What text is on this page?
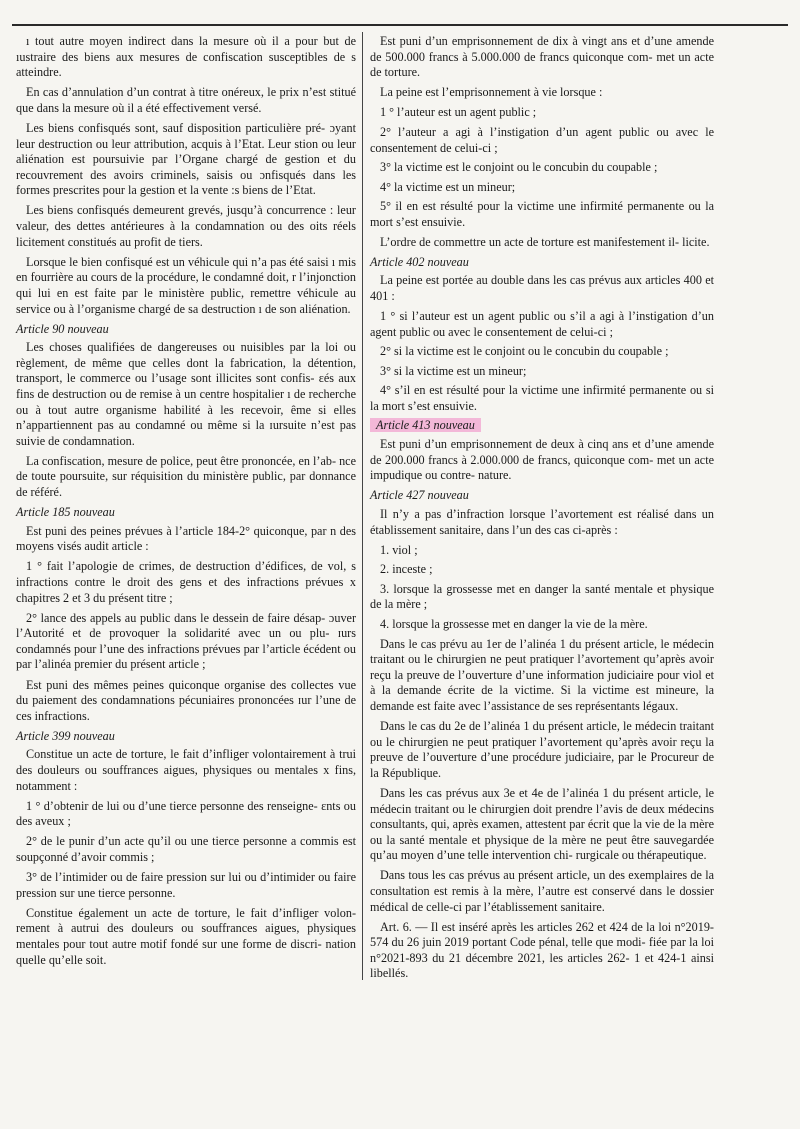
ı tout autre moyen indirect dans la mesure où il a pour but de ıustraire des biens aux mesures de confiscation susceptibles de s atteindre.

En cas d’annulation d’un contrat à titre onéreux, le prix n’est stitué que dans la mesure où il a été effectivement versé.

Les biens confisqués sont, sauf disposition particulière pré- ɔyant leur destruction ou leur attribution, acquis à l’Etat. Leur stion ou leur aliénation est poursuivie par l’Organe chargé de gestion et du recouvrement des avoirs criminels, saisis ou ɔnfisqués dans les formes prescrites pour la gestion et la vente :s biens de l’Etat.

Les biens confisqués demeurent grevés, jusqu’à concurrence : leur valeur, des dettes antérieures à la condamnation ou des oits réels licitement constitués au profit de tiers.

Lorsque le bien confisqué est un véhicule qui n’a pas été saisi ı mis en fourrière au cours de la procédure, le condamné doit, r l’injonction qui lui en est faite par le ministère public, remettre véhicule au service ou à l’organisme chargé de sa destruction ı de son aliénation.

Article 90 nouveau

Les choses qualifiées de dangereuses ou nuisibles par la loi ou règlement, de même que celles dont la fabrication, la détention, transport, le commerce ou l’usage sont illicites sont confis- ɛés aux fins de destruction ou de remise à un centre hospitalier ı de recherche ou à tout autre organisme habilité à les recevoir, ême si elles n’appartiennent pas au condamné ou même si la ɪursuite n’est pas suivie de condamnation.

La confiscation, mesure de police, peut être prononcée, en l’ab- nce de toute poursuite, sur réquisition du ministère public, par donnance de référé.

Article 185 nouveau

Est puni des peines prévues à l’article 184-2° quiconque, par n des moyens visés audit article :

1 ° fait l’apologie de crimes, de destruction d’édifices, de vol, s infractions contre le droit des gens et des infractions prévues x chapitres 2 et 3 du présent titre ;

2° lance des appels au public dans le dessein de faire désap- ɔuver l’Autorité et de provoquer la solidarité avec un ou plu- ɪurs condamnés pour l’une des infractions prévues par l’article écédent ou par l’alinéa premier du présent article ;

Est puni des mêmes peines quiconque organise des collectes vue du paiement des condamnations pécuniaires prononcées ɪur l’une de ces infractions.

Article 399 nouveau

Constitue un acte de torture, le fait d’infliger volontairement à trui des douleurs ou souffrances aigues, physiques ou mentales x fins, notamment :

1 ° d’obtenir de lui ou d’une tierce personne des renseigne- ɛnts ou des aveux ;

2° de le punir d’un acte qu’il ou une tierce personne a commis est soupçonné d’avoir commis ;

3° de l’intimider ou de faire pression sur lui ou d’intimider ou faire pression sur une tierce personne.

Constitue également un acte de torture, le fait d’infliger volon- rement à autrui des douleurs ou souffrances aigues, physiques mentales pour tout autre motif fondé sur une forme de discri- nation quelle qu’elle soit.

Est puni d’un emprisonnement de dix à vingt ans et d’une amende de 500.000 francs à 5.000.000 de francs quiconque com- met un acte de torture.

La peine est l’emprisonnement à vie lorsque :

1 ° l’auteur est un agent public ;

2° l’auteur a agi à l’instigation d’un agent public ou avec le consentement de celui-ci ;

3° la victime est le conjoint ou le concubin du coupable ;

4° la victime est un mineur;

5° il en est résulté pour la victime une infirmité permanente ou la mort s’est ensuivie.

L’ordre de commettre un acte de torture est manifestement il- licite.

Article 402 nouveau

La peine est portée au double dans les cas prévus aux articles 400 et 401 :

1 ° si l’auteur est un agent public ou s’il a agi à l’instigation d’un agent public ou avec le consentement de celui-ci ;

2° si la victime est le conjoint ou le concubin du coupable ;

3° si la victime est un mineur;

4° s’il en est résulté pour la victime une infirmité permanente ou si la mort s’est ensuivie.

Article 413 nouveau

Est puni d’un emprisonnement de deux à cinq ans et d’une amende de 200.000 francs à 2.000.000 de francs, quiconque com- met un acte impudique ou contre- nature.

Article 427 nouveau

Il n’y a pas d’infraction lorsque l’avortement est réalisé dans un établissement sanitaire, dans l’un des cas ci-après :

1. viol ;

2. inceste ;

3. lorsque la grossesse met en danger la santé mentale et physique de la mère ;

4. lorsque la grossesse met en danger la vie de la mère.

Dans le cas prévu au 1er de l’alinéa 1 du présent article, le médecin traitant ou le chirurgien ne peut pratiquer l’avortement qu’après avoir reçu la preuve de l’ouverture d’une information judiciaire pour viol et à la demande écrite de la victime. Si la victime est mineure, la demande est faite avec l’assistance de ses représentants légaux.

Dans le cas du 2e de l’alinéa 1 du présent article, le médecin traitant ou le chirurgien ne peut pratiquer l’avortement qu’après avoir reçu la preuve de l’ouverture d’une procédure judiciaire, par le Procureur de la République.

Dans les cas prévus aux 3e et 4e de l’alinéa 1 du présent article, le médecin traitant ou le chirurgien doit prendre l’avis de deux médecins consultants, qui, après examen, attestent par écrit que la vie de la mère ou la santé mentale et physique de la mère ne peut être sauvegardée qu’au moyen d’une telle intervention chi- rurgicale ou thérapeutique.

Dans tous les cas prévus au présent article, un des exemplaires de la consultation est remis à la mère, l’autre est conservé dans le dossier médical de celle-ci par l’établissement sanitaire.

Art. 6. — Il est inséré après les articles 262 et 424 de la loi n°2019-574 du 26 juin 2019 portant Code pénal, telle que modi- fiée par la loi n°2021-893 du 21 décembre 2021, les articles 262- 1 et 424-1 ainsi libellés.
